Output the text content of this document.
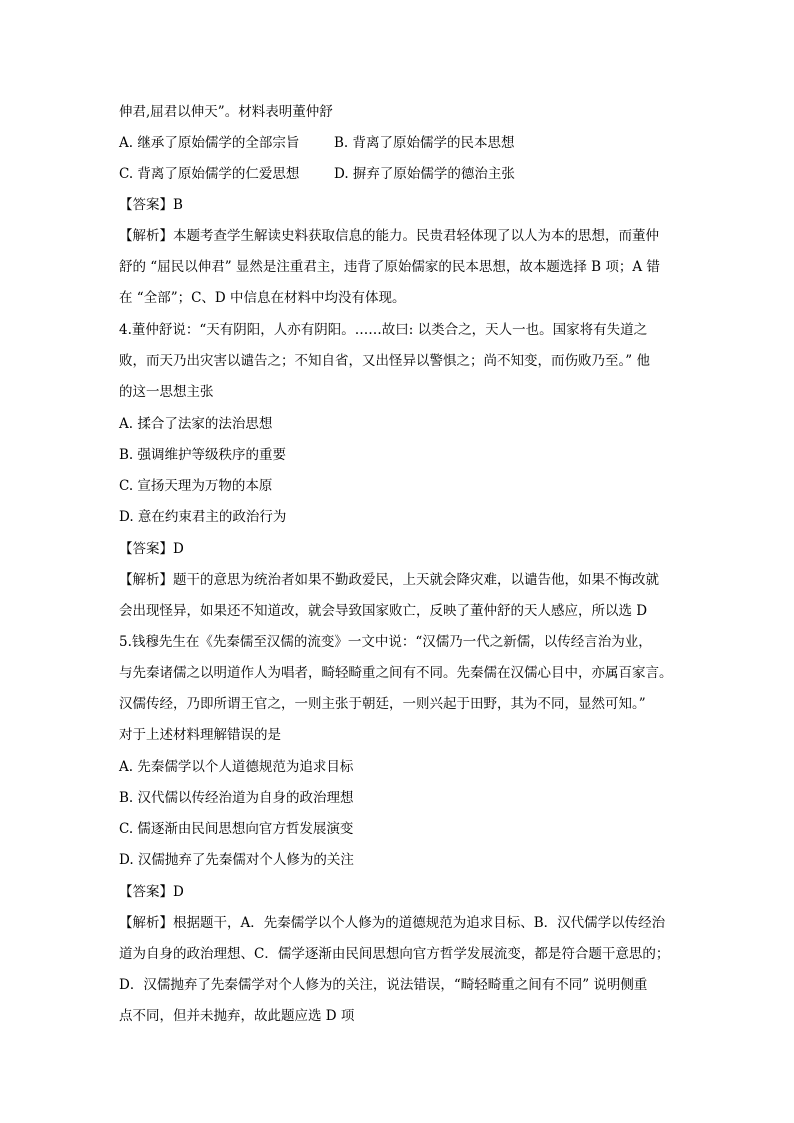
伸君,屈君以伸天”。材料表明董仲舒
A. 继承了原始儒学的全部宗旨	B. 背离了原始儒学的民本思想
C. 背离了原始儒学的仁爱思想	D. 摒弃了原始儒学的德治主张
【答案】B
【解析】本题考查学生解读史料获取信息的能力。民贵君轻体现了以人为本的思想，而董仲
舒的 “屈民以伸君” 显然是注重君主，违背了原始儒家的民本思想，故本题选择 B 项；A 错
在 “全部”；C、D 中信息在材料中均没有体现。
4.董仲舒说：“天有阴阳，人亦有阴阳。……故曰: 以类合之，天人一也。国家将有失道之
败，而天乃出灾害以谴告之；不知自省，又出怪异以警惧之；尚不知变，而伤败乃至。” 他
的这一思想主张
A. 揉合了法家的法治思想
B. 强调维护等级秩序的重要
C. 宣扬天理为万物的本原
D. 意在约束君主的政治行为
【答案】D
【解析】题干的意思为统治者如果不勤政爱民，上天就会降灾难，以谴告他，如果不悔改就
会出现怪异，如果还不知道改，就会导致国家败亡，反映了董仲舒的天人感应，所以选 D
5.钱穆先生在《先秦儒至汉儒的流变》一文中说：“汉儒乃一代之新儒，以传经言治为业，
与先秦诸儒之以明道作人为唱者，畸轻畸重之间有不同。先秦儒在汉儒心目中，亦属百家言。
汉儒传经，乃即所谓王官之，一则主张于朝廷，一则兴起于田野，其为不同，显然可知。”
对于上述材料理解错误的是
A. 先秦儒学以个人道德规范为追求目标
B. 汉代儒以传经治道为自身的政治理想
C. 儒逐渐由民间思想向官方哲发展演变
D. 汉儒抛弃了先秦儒对个人修为的关注
【答案】D
【解析】根据题干，A．先秦儒学以个人修为的道德规范为追求目标、B．汉代儒学以传经治
道为自身的政治理想、C．儒学逐渐由民间思想向官方哲学发展流变，都是符合题干意思的；
D．汉儒抛弃了先秦儒学对个人修为的关注，说法错误，“畸轻畸重之间有不同” 说明侧重
点不同，但并未抛弃，故此题应选 D 项
